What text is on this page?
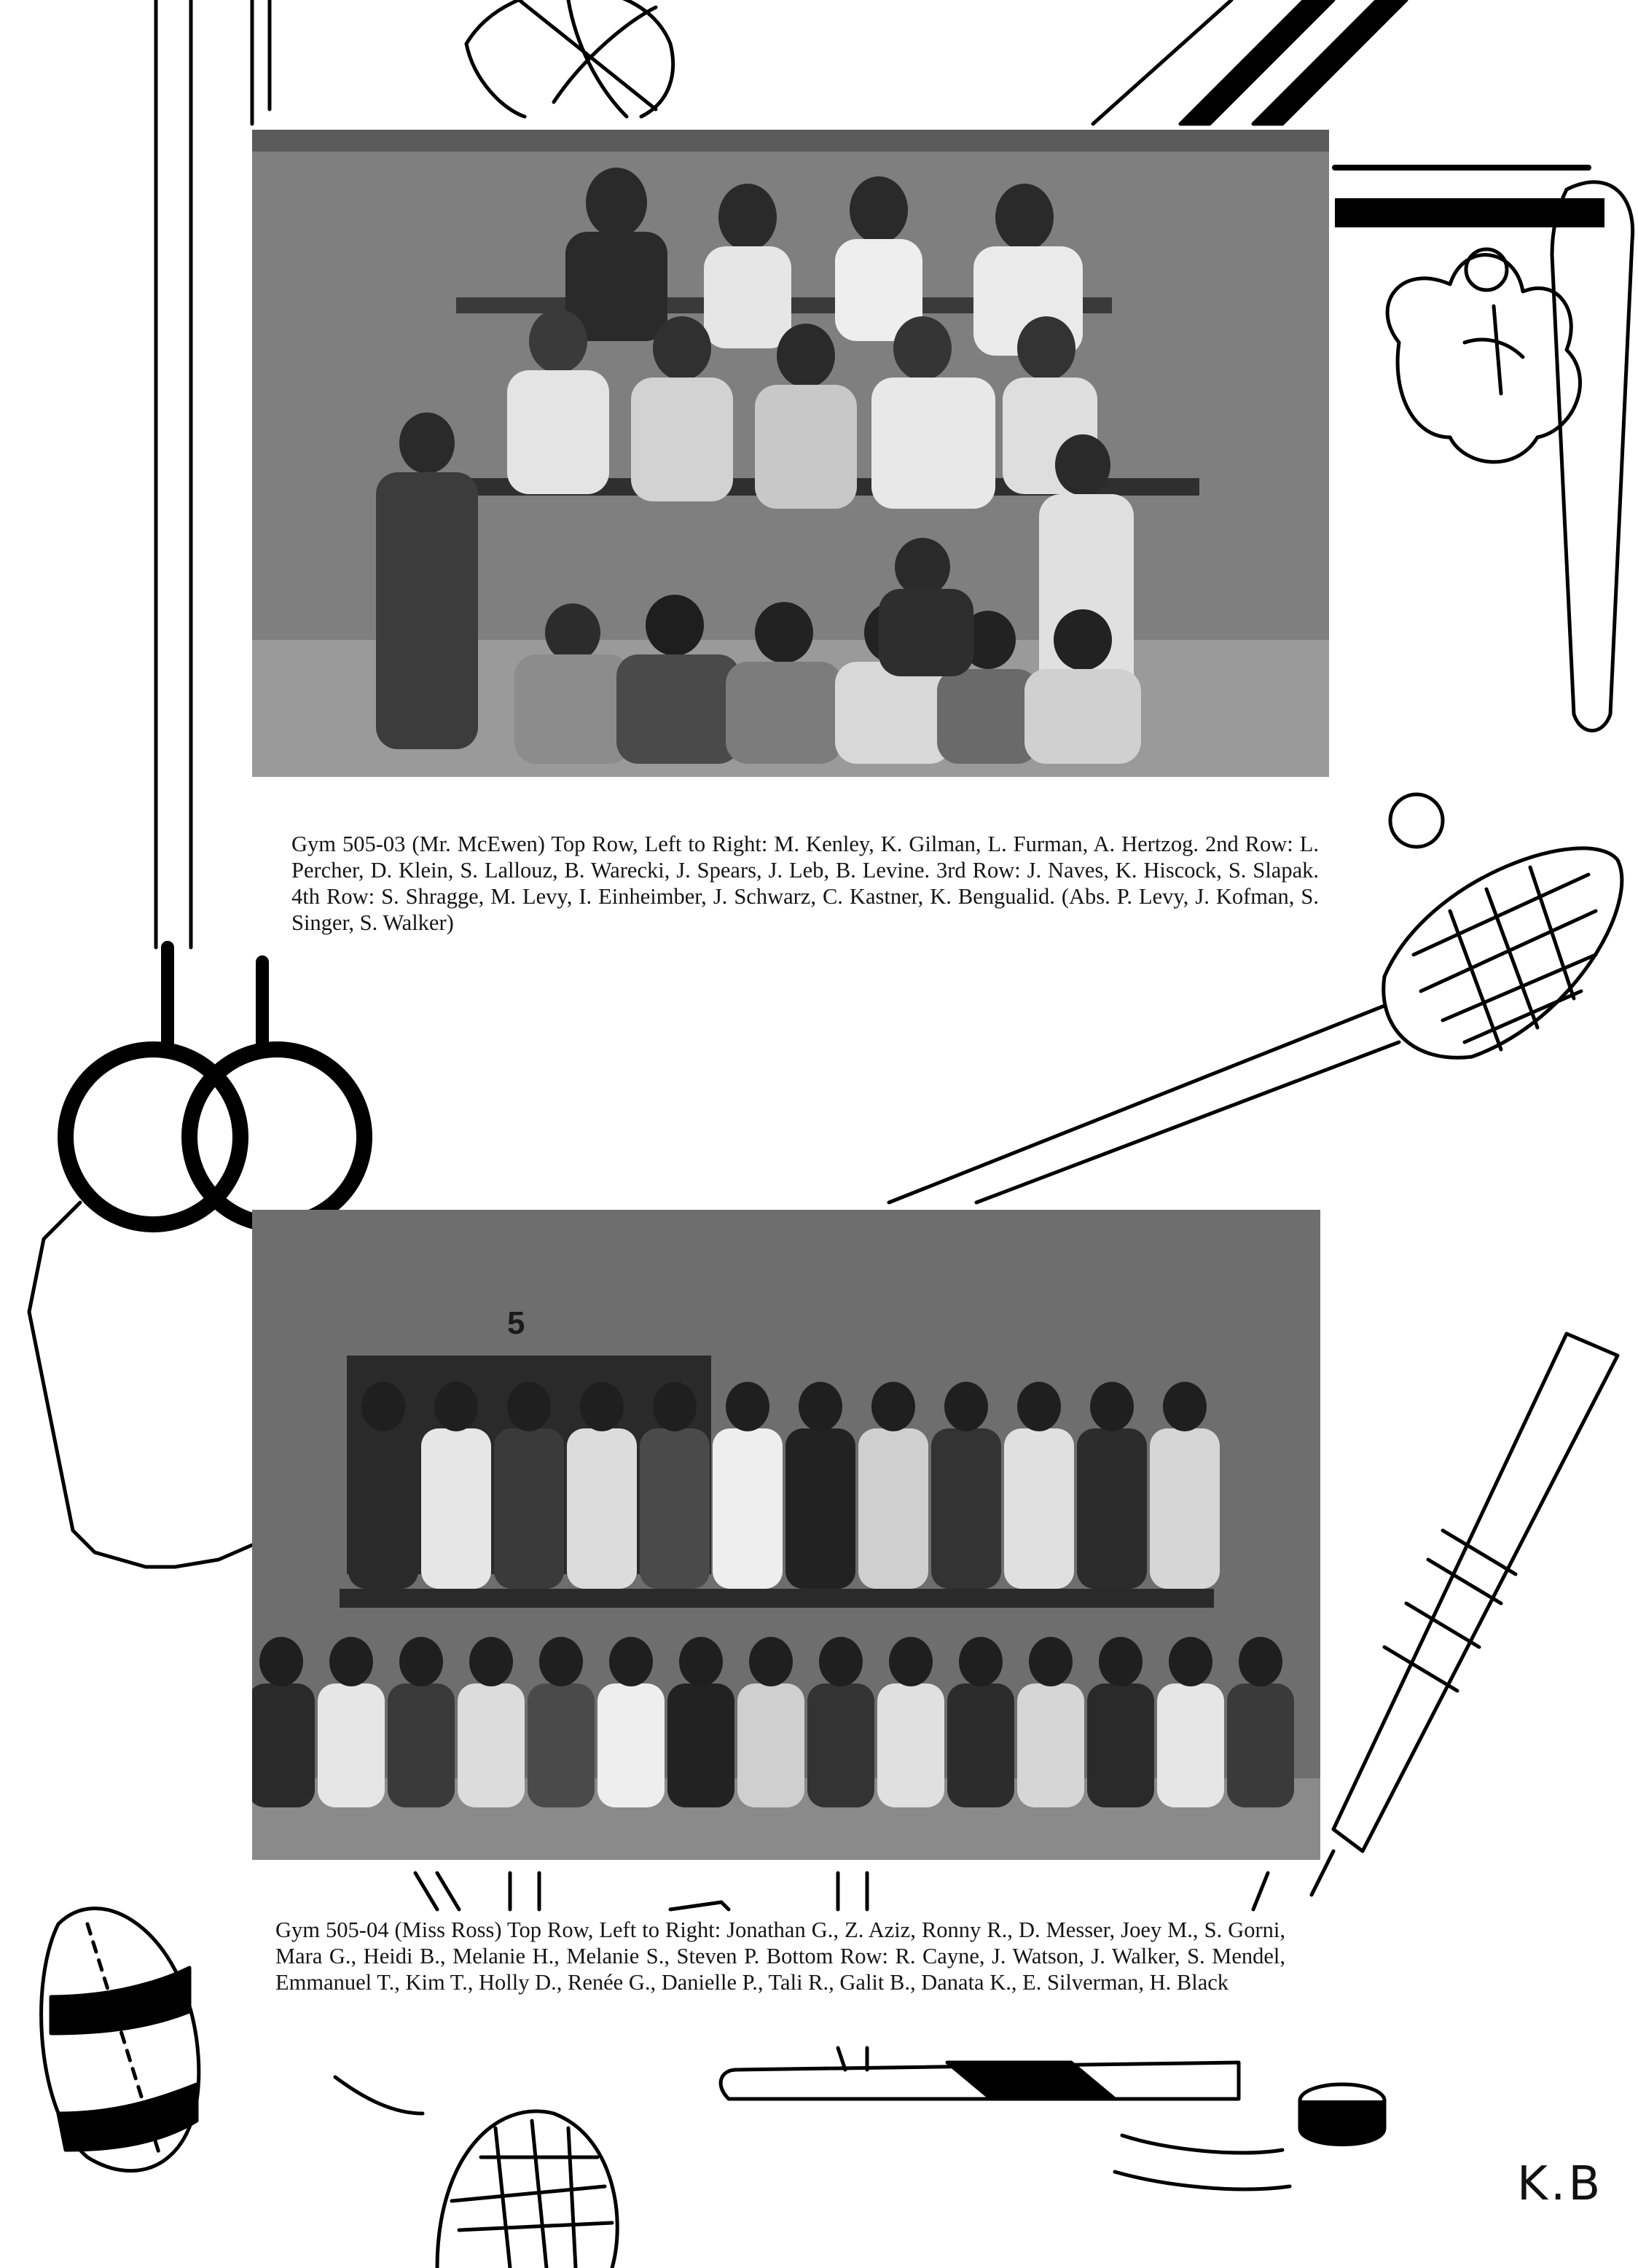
Gym 505-03 (Mr. McEwen) Top Row, Left to Right: M. Kenley, K. Gilman, L. Furman, A. Hertzog. 2nd Row: L. Percher, D. Klein, S. Lallouz, B. Warecki, J. Spears, J. Leb, B. Levine. 3rd Row: J. Naves, K. Hiscock, S. Slapak. 4th Row: S. Shragge, M. Levy, I. Einheimber, J. Schwarz, C. Kastner, K. Bengualid. (Abs. P. Levy, J. Kofman, S. Singer, S. Walker)
5
Gym 505-04 (Miss Ross) Top Row, Left to Right: Jonathan G., Z. Aziz, Ronny R., D. Messer, Joey M., S. Gorni, Mara G., Heidi B., Melanie H., Melanie S., Steven P. Bottom Row: R. Cayne, J. Watson, J. Walker, S. Mendel, Emmanuel T., Kim T., Holly D., Renée G., Danielle P., Tali R., Galit B., Danata K., E. Silverman, H. Black
K.B
